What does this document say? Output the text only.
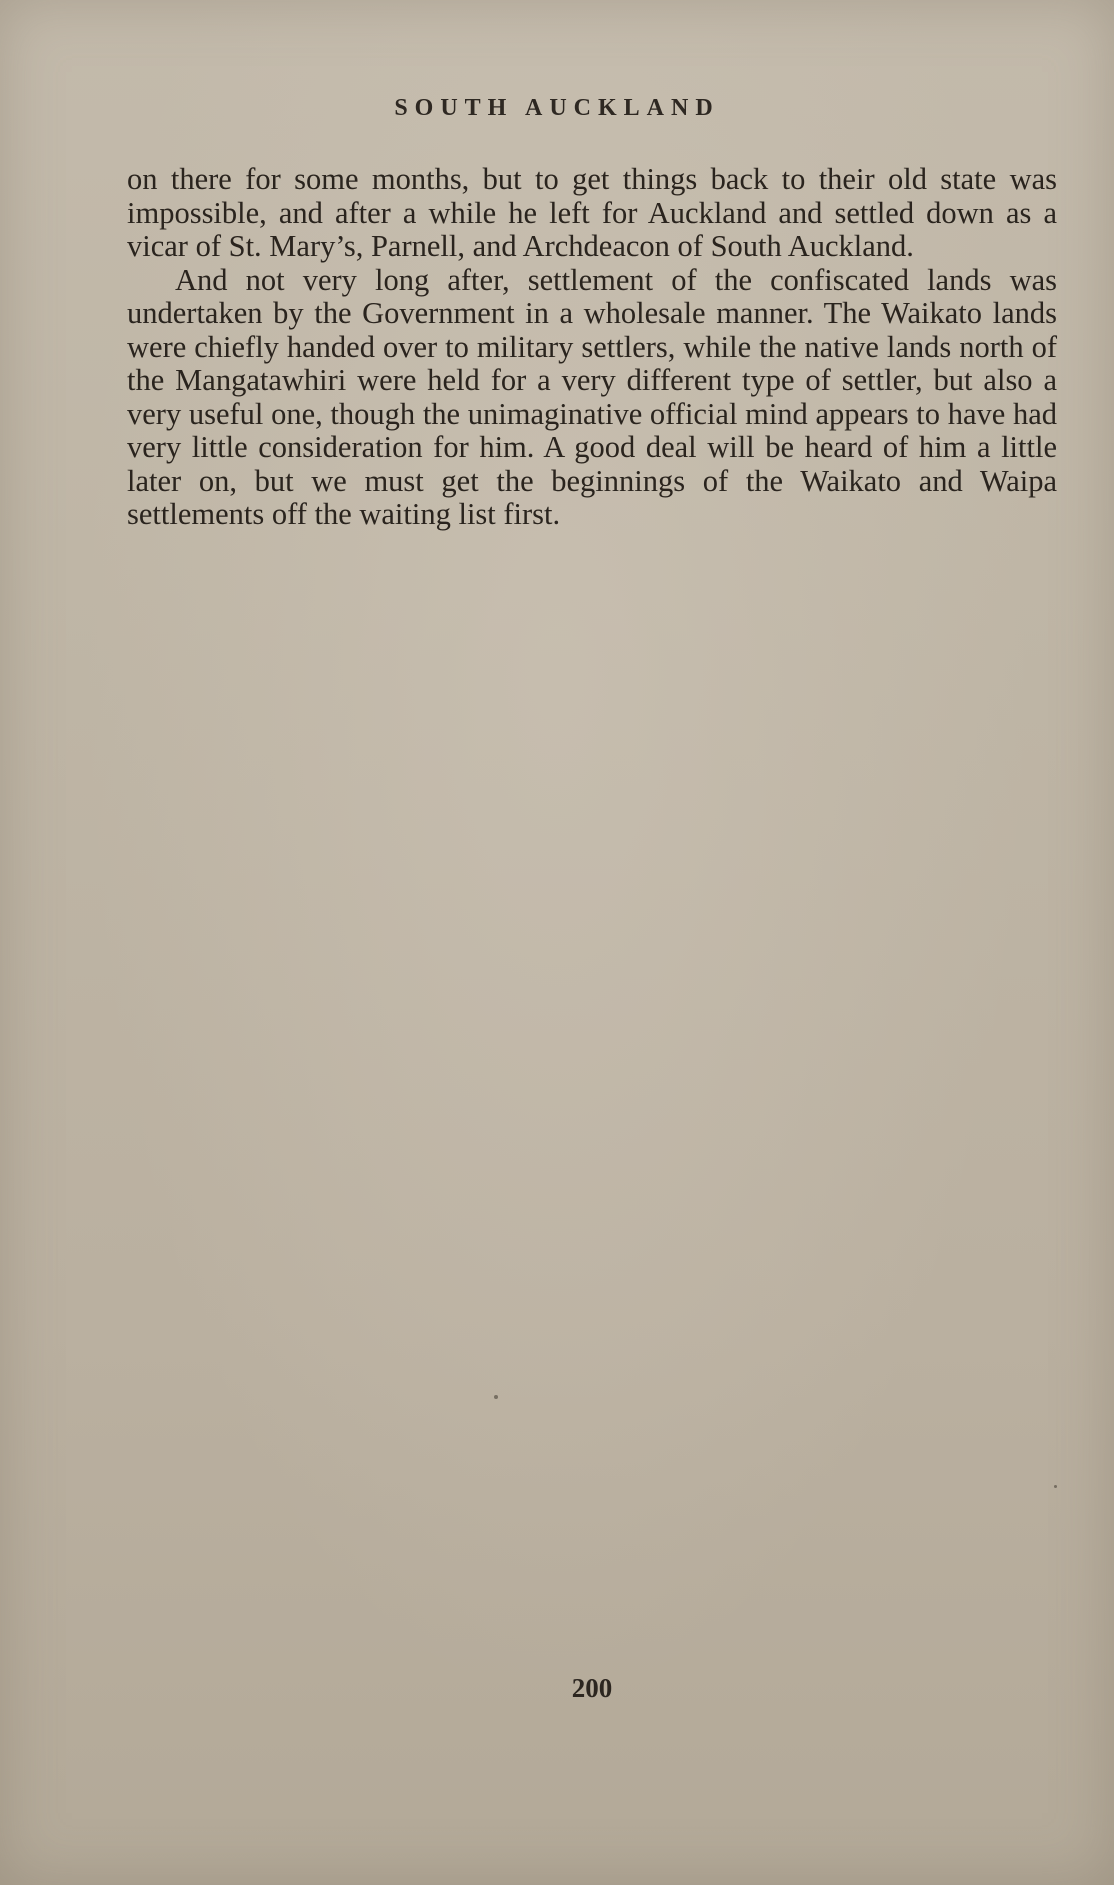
SOUTH AUCKLAND

on there for some months, but to get things back to their old state was impossible, and after a while he left for Auckland and settled down as a vicar of St. Mary’s, Parnell, and Archdeacon of South Auckland.

And not very long after, settlement of the confiscated lands was undertaken by the Government in a wholesale manner. The Waikato lands were chiefly handed over to military settlers, while the native lands north of the Mangatawhiri were held for a very different type of settler, but also a very useful one, though the unimaginative official mind appears to have had very little consideration for him. A good deal will be heard of him a little later on, but we must get the beginnings of the Waikato and Waipa settlements off the waiting list first.

200
